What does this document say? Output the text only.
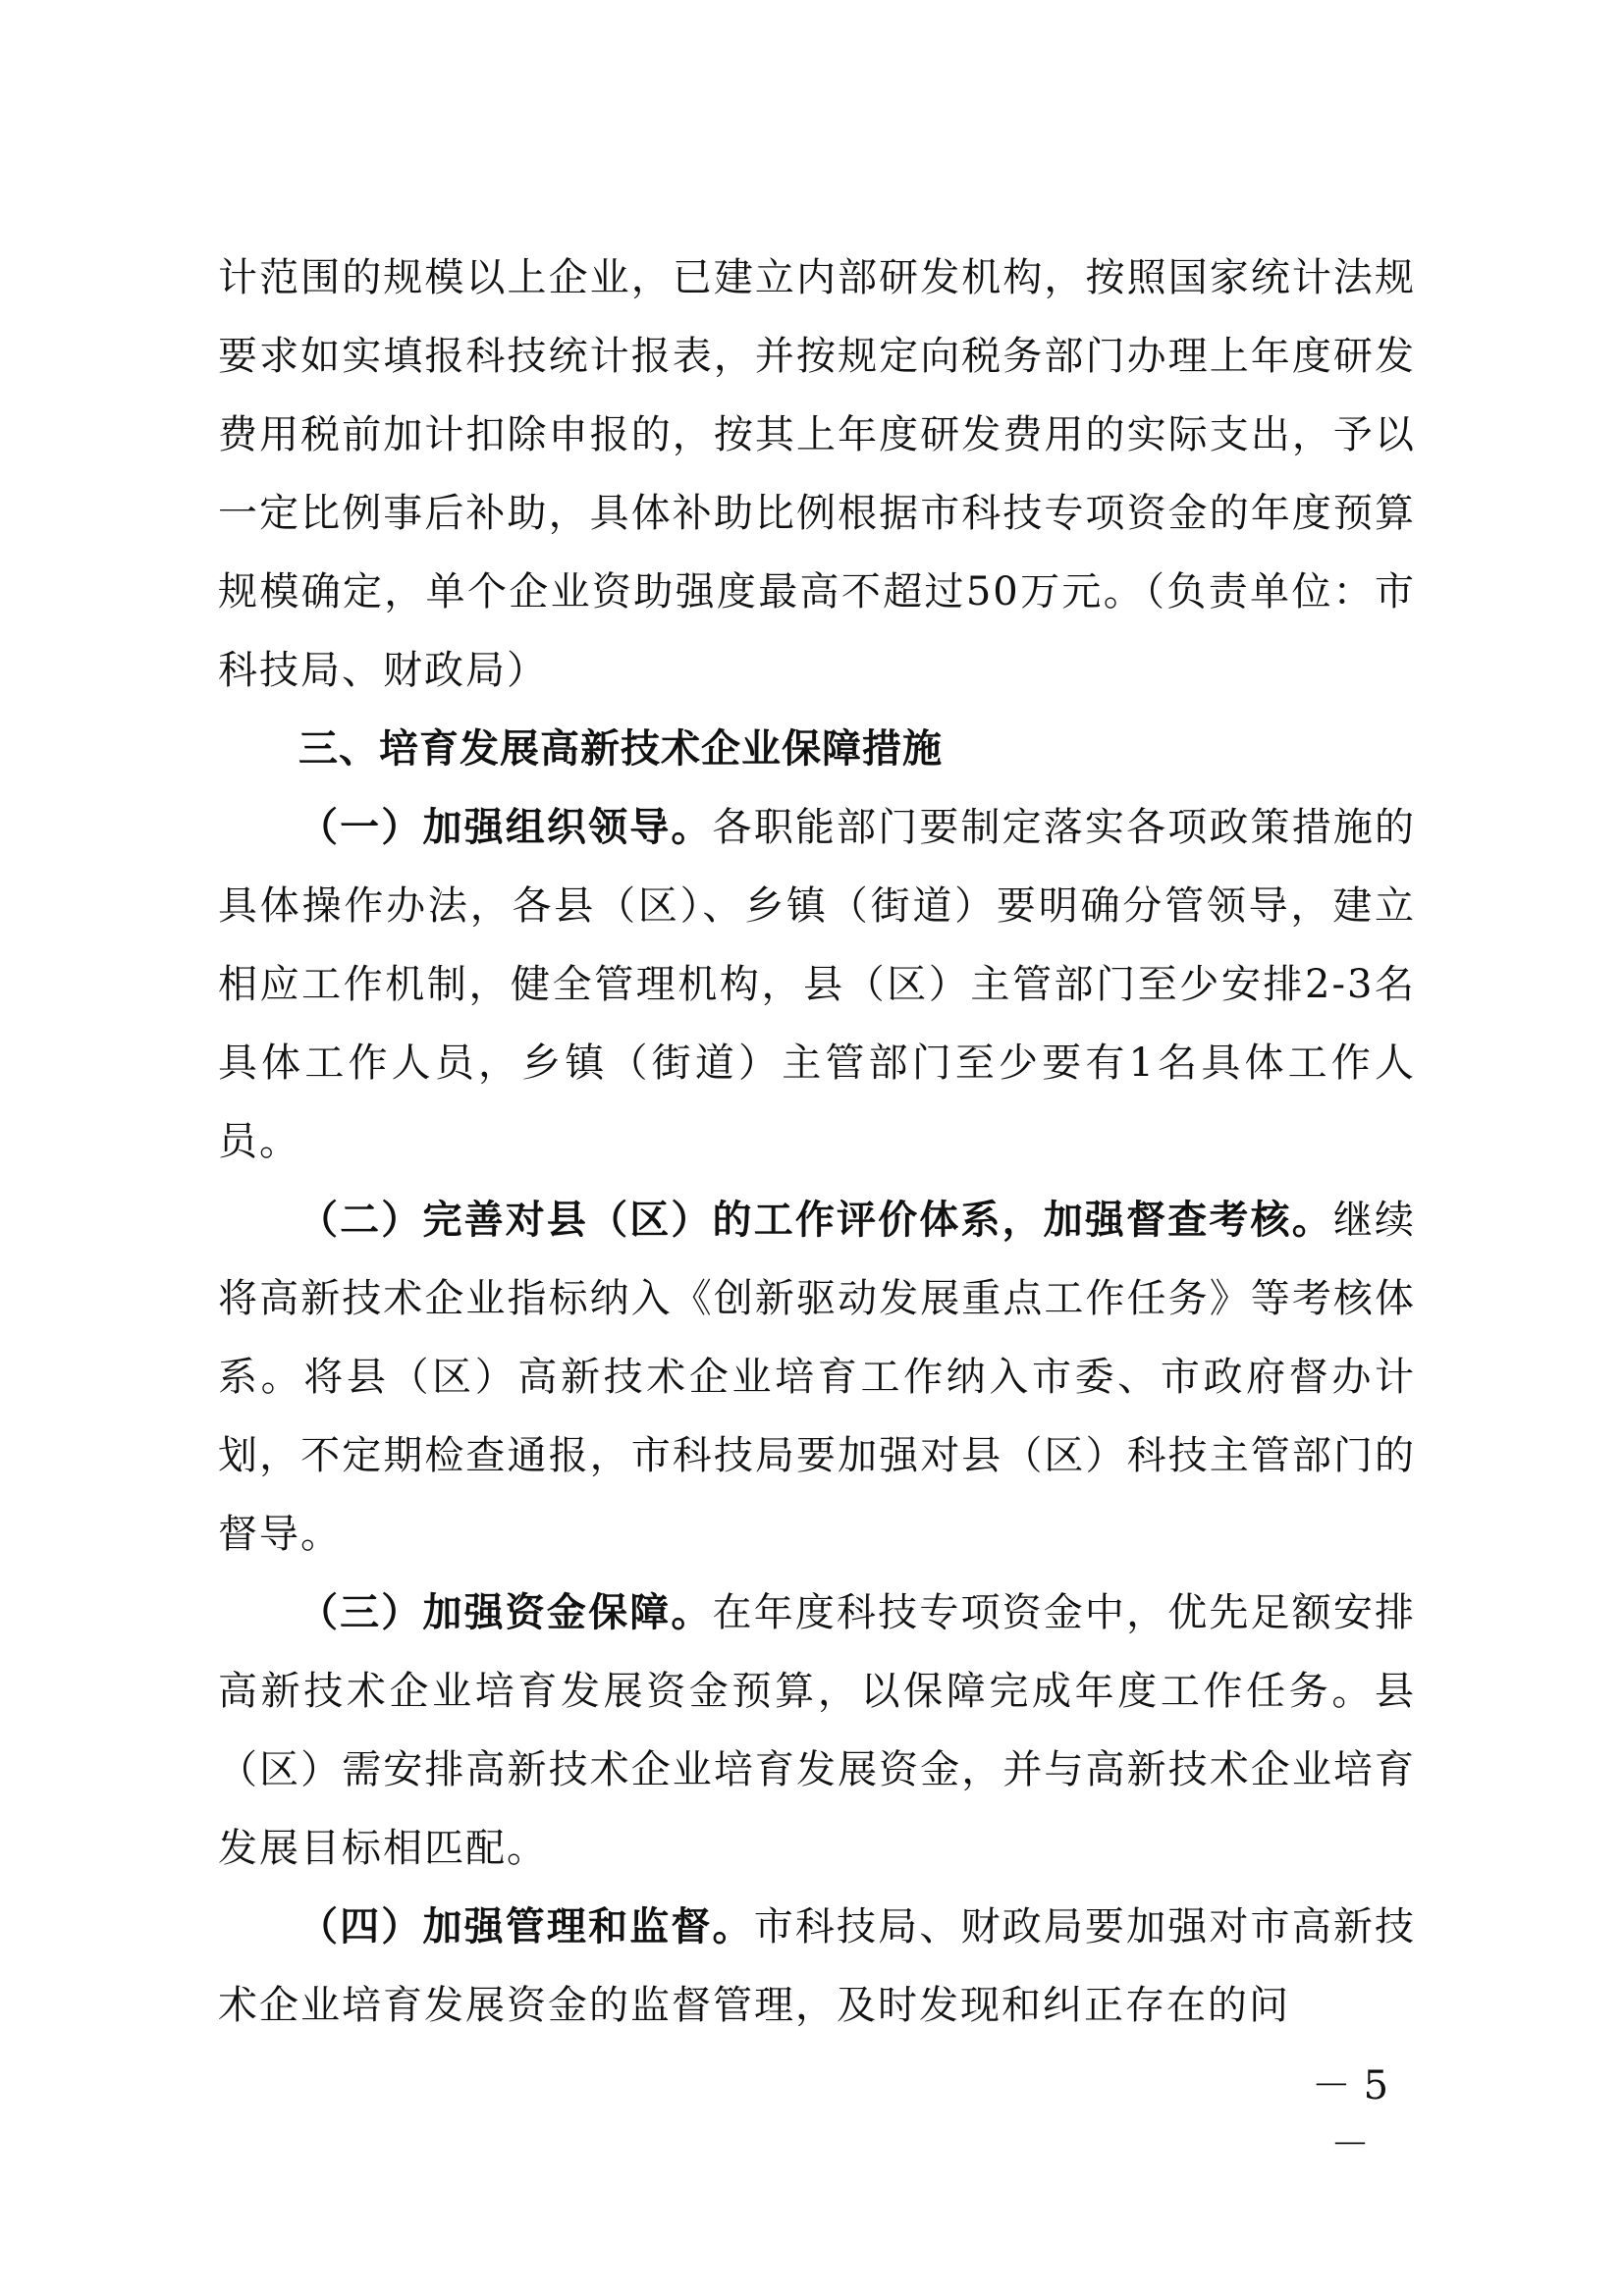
计范围的规模以上企业，已建立内部研发机构，按照国家统计法规要求如实填报科技统计报表，并按规定向税务部门办理上年度研发费用税前加计扣除申报的，按其上年度研发费用的实际支出，予以一定比例事后补助，具体补助比例根据市科技专项资金的年度预算规模确定，单个企业资助强度最高不超过50万元。（负责单位：市科技局、财政局）

三、培育发展高新技术企业保障措施

（一）加强组织领导。各职能部门要制定落实各项政策措施的具体操作办法，各县（区）、乡镇（街道）要明确分管领导，建立相应工作机制，健全管理机构，县（区）主管部门至少安排2-3名具体工作人员，乡镇（街道）主管部门至少要有1名具体工作人员。

（二）完善对县（区）的工作评价体系，加强督查考核。继续将高新技术企业指标纳入《创新驱动发展重点工作任务》等考核体系。将县（区）高新技术企业培育工作纳入市委、市政府督办计划，不定期检查通报，市科技局要加强对县（区）科技主管部门的督导。

（三）加强资金保障。在年度科技专项资金中，优先足额安排高新技术企业培育发展资金预算，以保障完成年度工作任务。县（区）需安排高新技术企业培育发展资金，并与高新技术企业培育发展目标相匹配。

（四）加强管理和监督。市科技局、财政局要加强对市高新技术企业培育发展资金的监督管理，及时发现和纠正存在的问

－ 5 －
